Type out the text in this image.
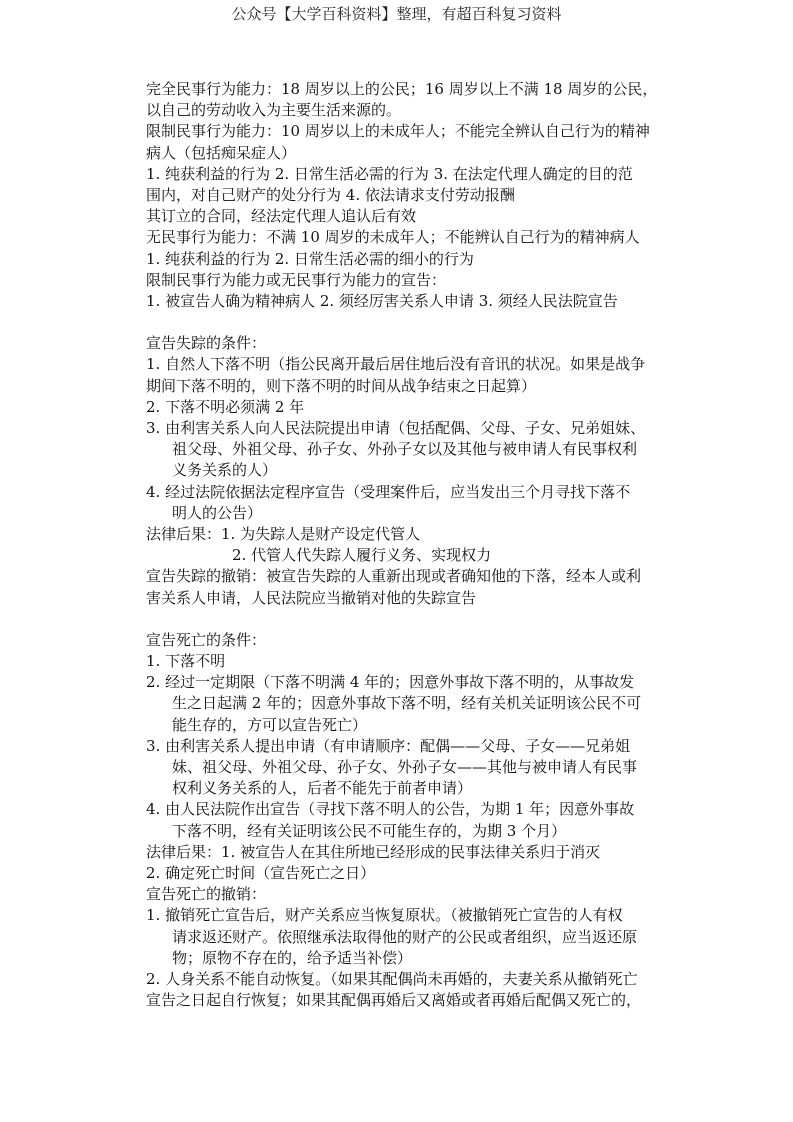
公众号【大学百科资料】整理，有超百科复习资料
完全民事行为能力：18 周岁以上的公民；16 周岁以上不满 18 周岁的公民，
以自己的劳动收入为主要生活来源的。
限制民事行为能力：10 周岁以上的未成年人；不能完全辨认自己行为的精神
病人（包括痴呆症人）
1. 纯获利益的行为 2. 日常生活必需的行为 3. 在法定代理人确定的目的范
围内，对自己财产的处分行为 4. 依法请求支付劳动报酬
其订立的合同，经法定代理人追认后有效
无民事行为能力：不满 10 周岁的未成年人；不能辨认自己行为的精神病人
1. 纯获利益的行为 2. 日常生活必需的细小的行为
限制民事行为能力或无民事行为能力的宣告：
1. 被宣告人确为精神病人 2. 须经厉害关系人申请 3. 须经人民法院宣告
宣告失踪的条件：
1. 自然人下落不明（指公民离开最后居住地后没有音讯的状况。如果是战争
期间下落不明的，则下落不明的时间从战争结束之日起算）
2. 下落不明必须满 2 年
3. 由利害关系人向人民法院提出申请（包括配偶、父母、子女、兄弟姐妹、
祖父母、外祖父母、孙子女、外孙子女以及其他与被申请人有民事权利
义务关系的人）
4. 经过法院依据法定程序宣告（受理案件后，应当发出三个月寻找下落不
明人的公告）
法律后果：1. 为失踪人是财产设定代管人
2. 代管人代失踪人履行义务、实现权力
宣告失踪的撤销：被宣告失踪的人重新出现或者确知他的下落，经本人或利
害关系人申请，人民法院应当撤销对他的失踪宣告
宣告死亡的条件：
1. 下落不明
2. 经过一定期限（下落不明满 4 年的；因意外事故下落不明的，从事故发
生之日起满 2 年的；因意外事故下落不明，经有关机关证明该公民不可
能生存的，方可以宣告死亡）
3. 由利害关系人提出申请（有申请顺序：配偶——父母、子女——兄弟姐
妹、祖父母、外祖父母、孙子女、外孙子女——其他与被申请人有民事
权利义务关系的人，后者不能先于前者申请）
4. 由人民法院作出宣告（寻找下落不明人的公告，为期 1 年；因意外事故
下落不明，经有关证明该公民不可能生存的，为期 3 个月）
法律后果：1. 被宣告人在其住所地已经形成的民事法律关系归于消灭
2. 确定死亡时间（宣告死亡之日）
宣告死亡的撤销：
1. 撤销死亡宣告后，财产关系应当恢复原状。（被撤销死亡宣告的人有权
请求返还财产。依照继承法取得他的财产的公民或者组织，应当返还原
物；原物不存在的，给予适当补偿）
2. 人身关系不能自动恢复。（如果其配偶尚未再婚的，夫妻关系从撤销死亡
宣告之日起自行恢复；如果其配偶再婚后又离婚或者再婚后配偶又死亡的，
